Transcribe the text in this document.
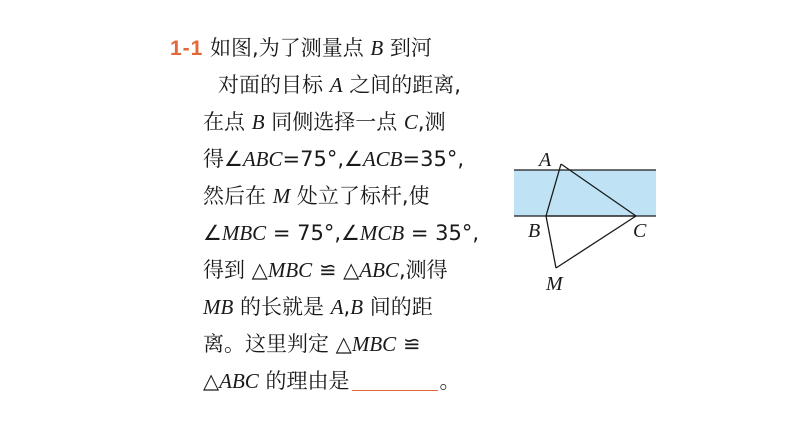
1-1 如图,为了测量点 B 到河
对面的目标 A 之间的距离,
在点 B 同侧选择一点 C,测
得∠ABC=75°,∠ACB=35°,
然后在 M 处立了标杆,使
∠MBC = 75°,∠MCB = 35°,
得到 △MBC ≌ △ABC,测得
MB 的长就是 A,B 间的距
离。这里判定 △MBC ≌
△ABC 的理由是	。
A
B	C
M
